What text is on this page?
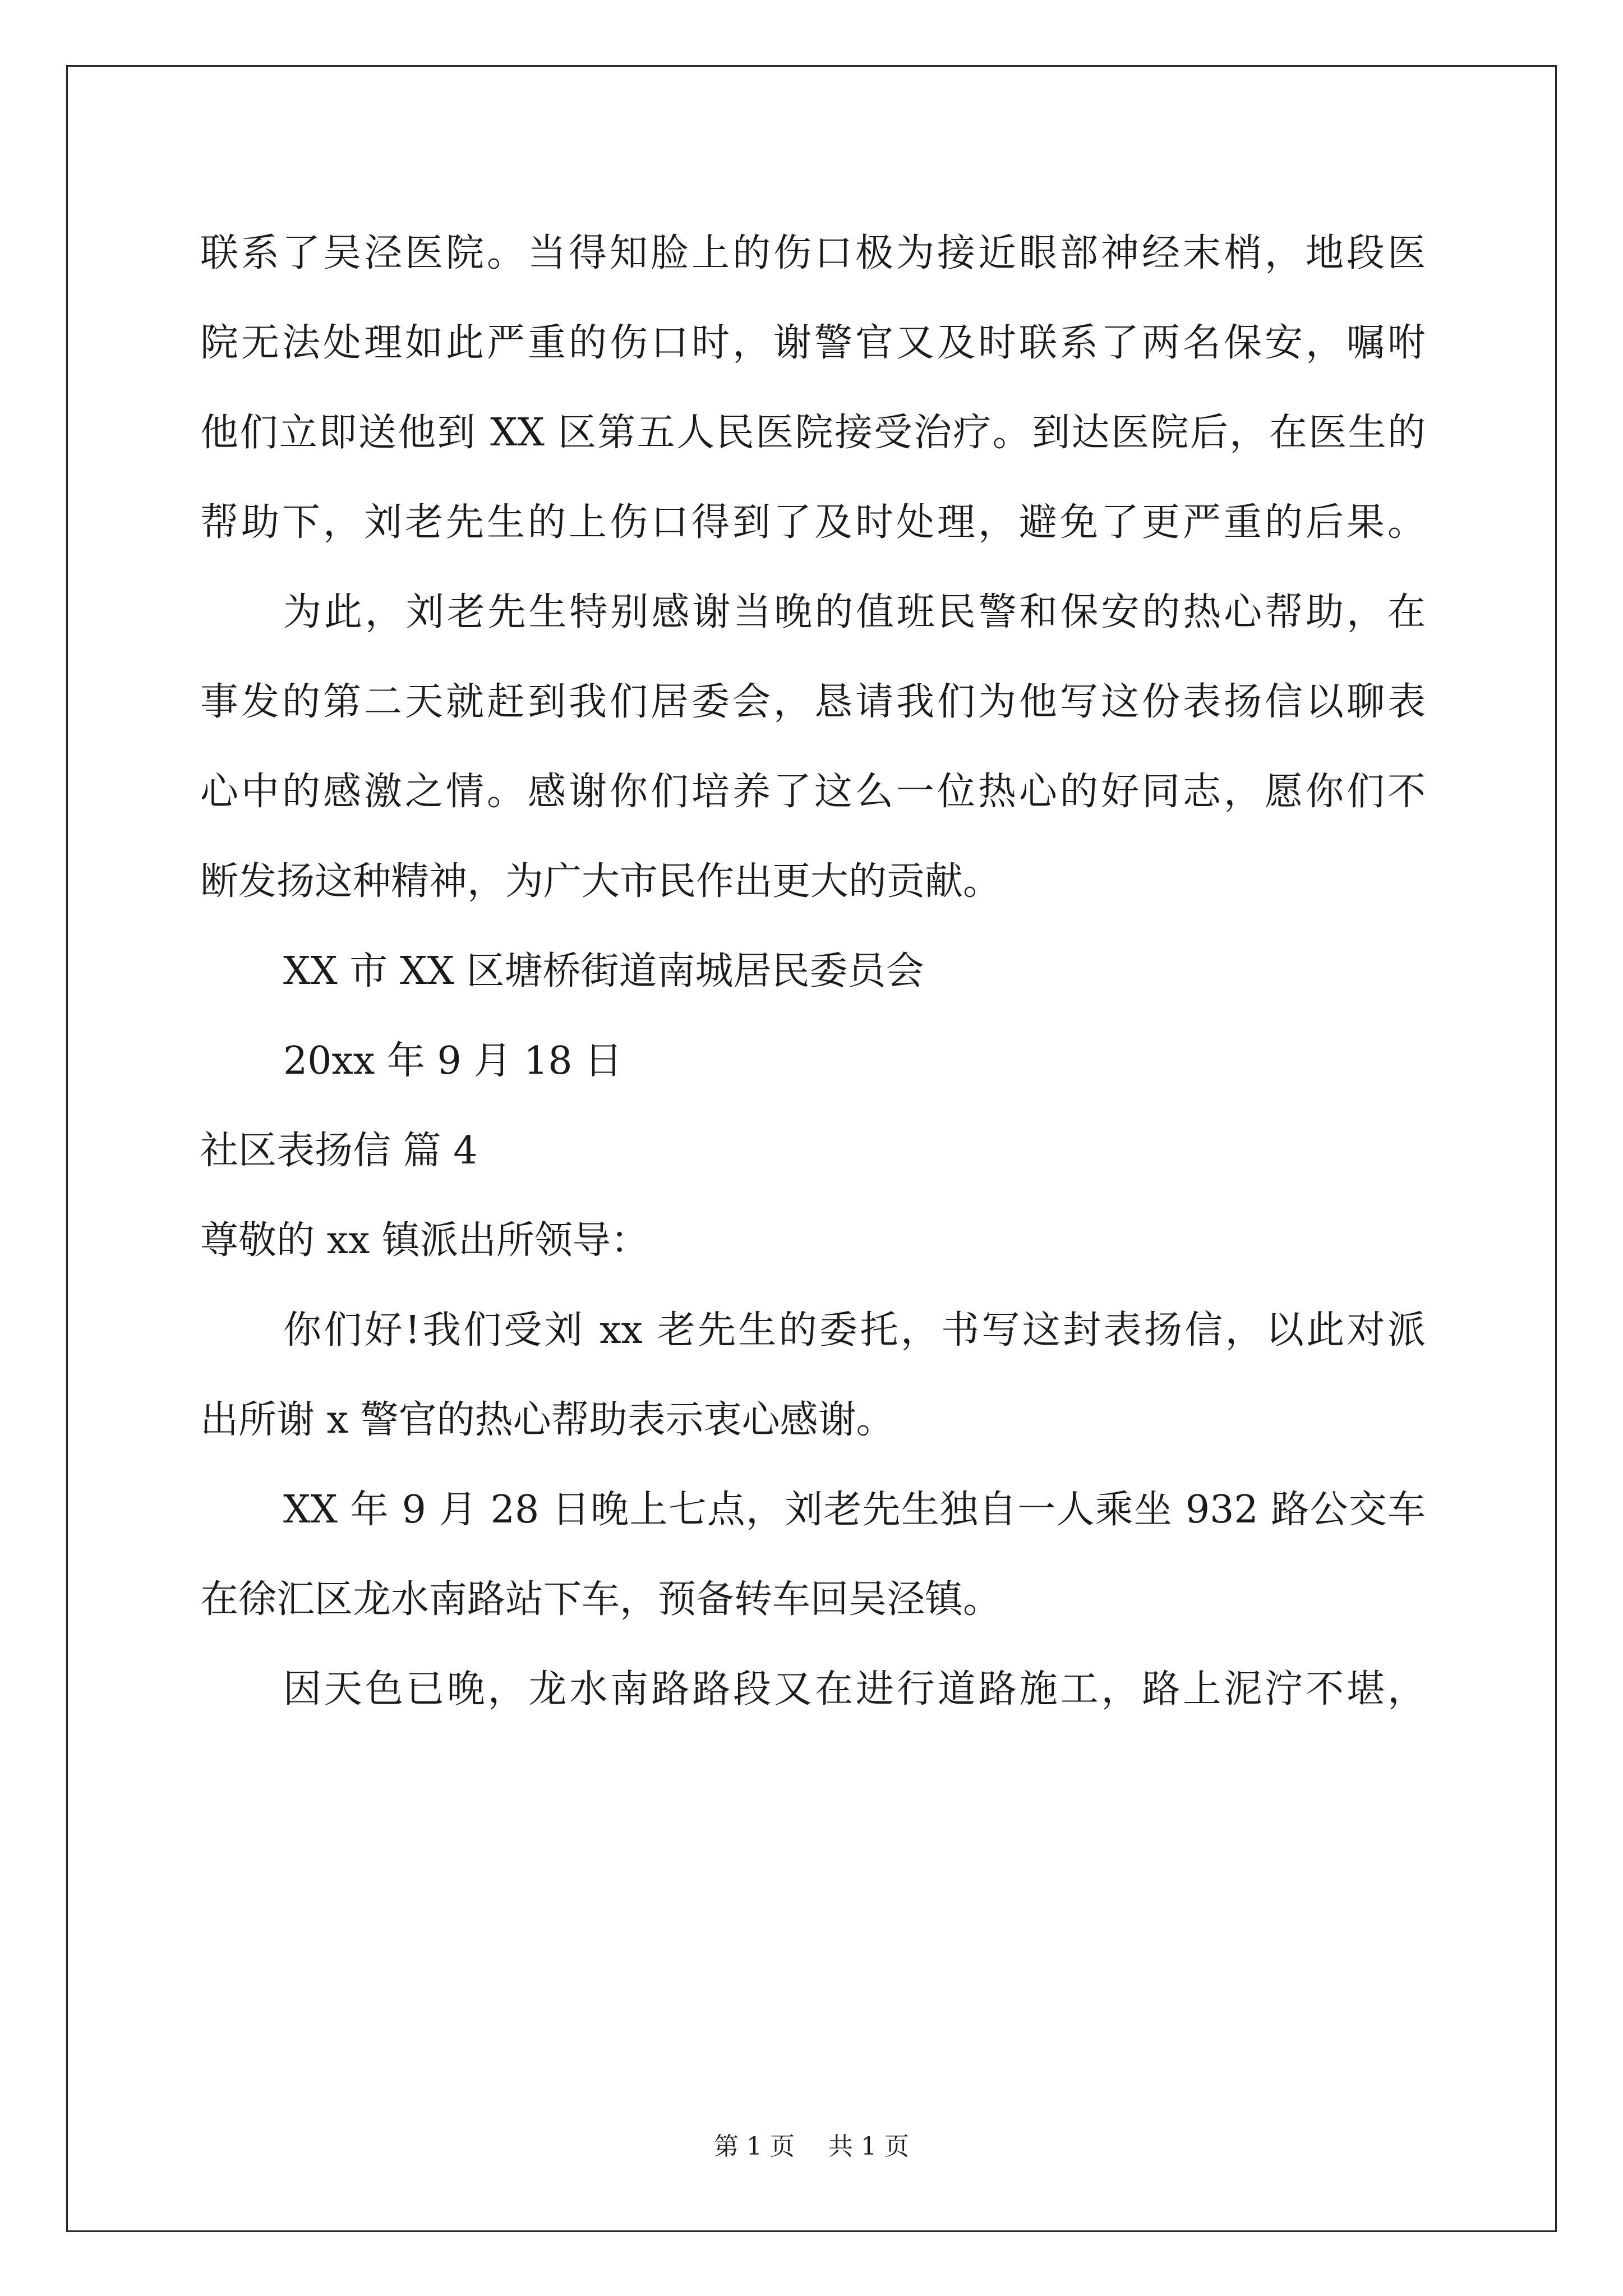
联系了吴泾医院。当得知脸上的伤口极为接近眼部神经末梢，地段医
院无法处理如此严重的伤口时，谢警官又及时联系了两名保安，嘱咐
他们立即送他到 XX 区第五人民医院接受治疗。到达医院后，在医生的
帮助下，刘老先生的上伤口得到了及时处理，避免了更严重的后果。
为此，刘老先生特别感谢当晚的值班民警和保安的热心帮助，在
事发的第二天就赶到我们居委会，恳请我们为他写这份表扬信以聊表
心中的感激之情。感谢你们培养了这么一位热心的好同志，愿你们不
断发扬这种精神，为广大市民作出更大的贡献。
XX 市 XX 区塘桥街道南城居民委员会
20xx 年 9 月 18 日
社区表扬信 篇 4
尊敬的 xx 镇派出所领导：
你们好!我们受刘 xx 老先生的委托，书写这封表扬信，以此对派
出所谢 x 警官的热心帮助表示衷心感谢。
XX 年 9 月 28 日晚上七点，刘老先生独自一人乘坐 932 路公交车
在徐汇区龙水南路站下车，预备转车回吴泾镇。
因天色已晚，龙水南路路段又在进行道路施工，路上泥泞不堪，
第 1 页 共 1 页
